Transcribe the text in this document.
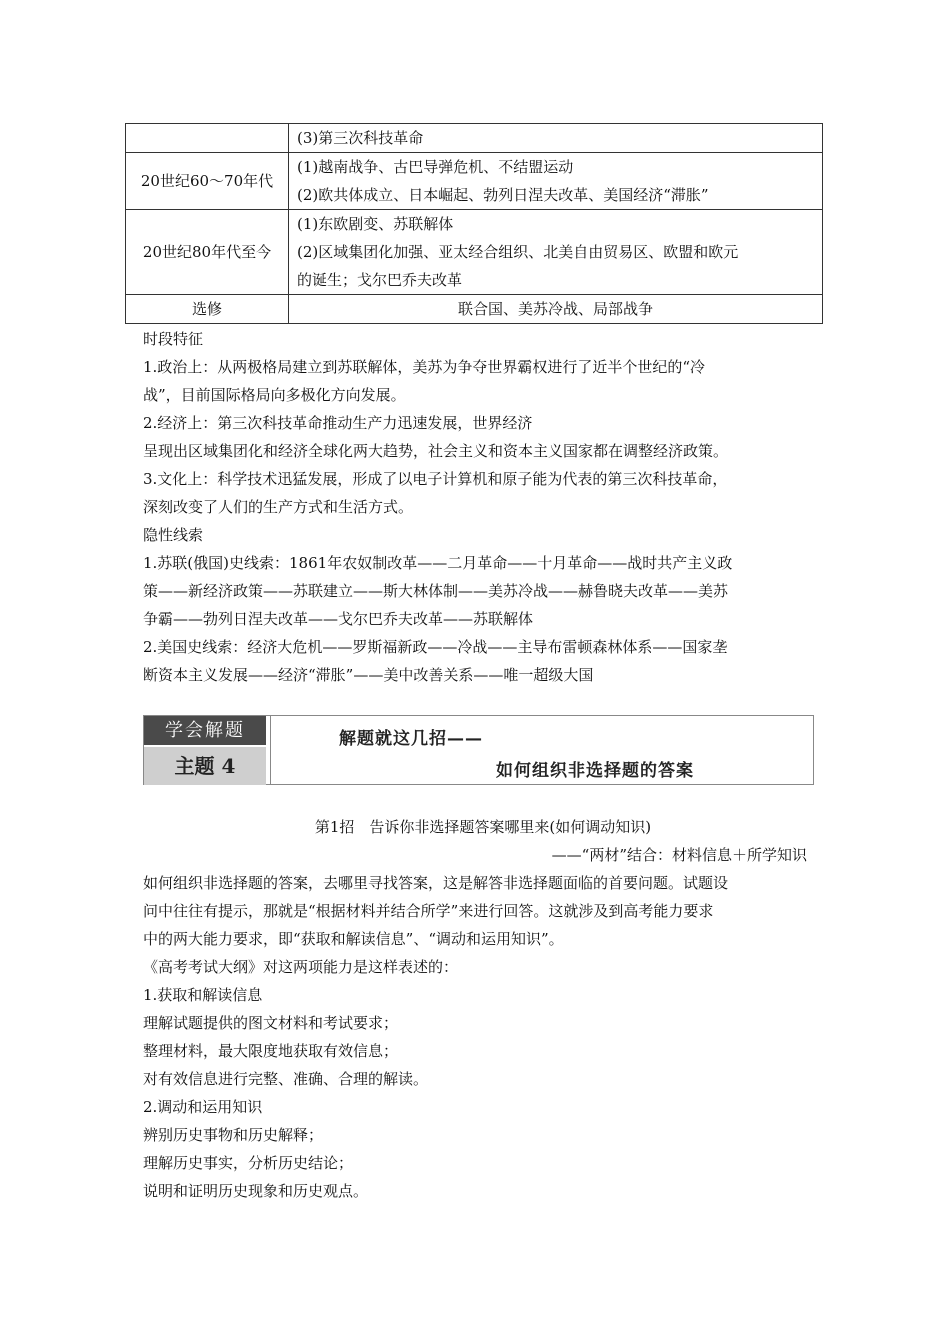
	(3)第三次科技革命

20世纪60～70年代	(1)越南战争、古巴导弹危机、不结盟运动
(2)欧共体成立、日本崛起、勃列日涅夫改革、美国经济“滞胀”

20世纪80年代至今	(1)东欧剧变、苏联解体
(2)区域集团化加强、亚太经合组织、北美自由贸易区、欧盟和欧元
的诞生；戈尔巴乔夫改革

选修	联合国、美苏冷战、局部战争

时段特征

1.政治上：从两极格局建立到苏联解体，美苏为争夺世界霸权进行了近半个世纪的“冷

战”，目前国际格局向多极化方向发展。

2.经济上：第三次科技革命推动生产力迅速发展，世界经济

呈现出区域集团化和经济全球化两大趋势，社会主义和资本主义国家都在调整经济政策。

3.文化上：科学技术迅猛发展，形成了以电子计算机和原子能为代表的第三次科技革命，

深刻改变了人们的生产方式和生活方式。

隐性线索

1.苏联(俄国)史线索：1861年农奴制改革——二月革命——十月革命——战时共产主义政

策——新经济政策——苏联建立——斯大林体制——美苏冷战——赫鲁晓夫改革——美苏

争霸——勃列日涅夫改革——戈尔巴乔夫改革——苏联解体

2.美国史线索：经济大危机——罗斯福新政——冷战——主导布雷顿森林体系——国家垄

断资本主义发展——经济“滞胀”——美中改善关系——唯一超级大国

学会解题
主题 4
解题就这几招——
如何组织非选择题的答案
第1招　告诉你非选择题答案哪里来(如何调动知识)
——“两材”结合：材料信息＋所学知识

如何组织非选择题的答案，去哪里寻找答案，这是解答非选择题面临的首要问题。试题设

问中往往有提示，那就是“根据材料并结合所学”来进行回答。这就涉及到高考能力要求

中的两大能力要求，即“获取和解读信息”、“调动和运用知识”。

《高考考试大纲》对这两项能力是这样表述的：

1.获取和解读信息

理解试题提供的图文材料和考试要求；

整理材料，最大限度地获取有效信息；

对有效信息进行完整、准确、合理的解读。

2.调动和运用知识

辨别历史事物和历史解释；

理解历史事实，分析历史结论；

说明和证明历史现象和历史观点。
